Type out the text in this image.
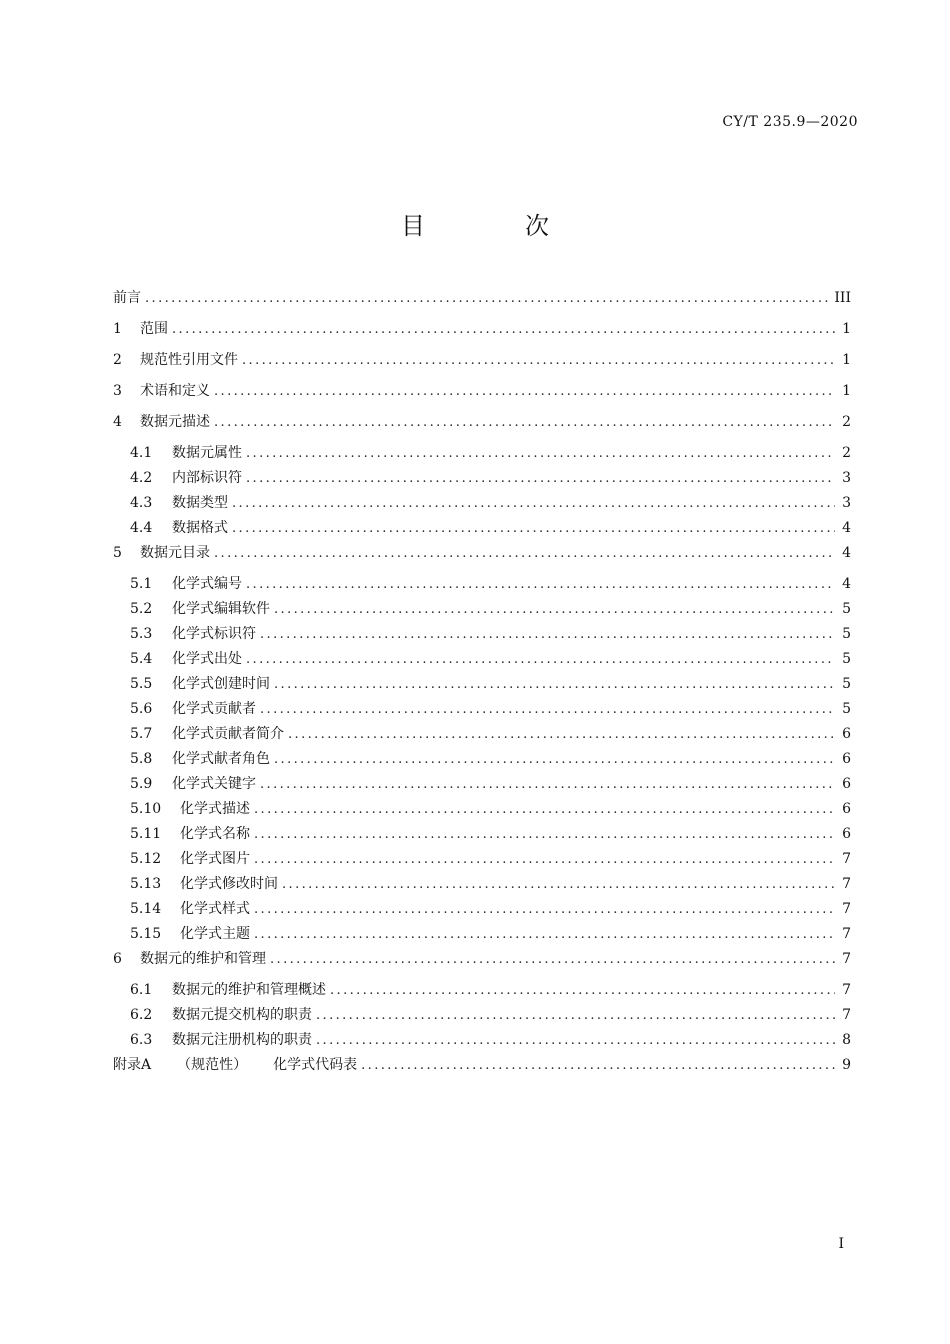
CY/T 235.9—2020
目　次
前言 .....	III
1	范围 .....	1
2	规范性引用文件 .....	1
3	术语和定义 .....	1
4	数据元描述 .....	2
4.1	数据元属性 .....	2
4.2	内部标识符 .....	3
4.3	数据类型 .....	3
4.4	数据格式 .....	4
5	数据元目录 .....	4
5.1	化学式编号 .....	4
5.2	化学式编辑软件 .....	5
5.3	化学式标识符 .....	5
5.4	化学式出处 .....	5
5.5	化学式创建时间 .....	5
5.6	化学式贡献者 .....	5
5.7	化学式贡献者简介 .....	6
5.8	化学式献者角色 .....	6
5.9	化学式关键字 .....	6
5.10	化学式描述 .....	6
5.11	化学式名称 .....	6
5.12	化学式图片 .....	7
5.13	化学式修改时间 .....	7
5.14	化学式样式 .....	7
5.15	化学式主题 .....	7
6	数据元的维护和管理 .....	7
6.1	数据元的维护和管理概述 .....	7
6.2	数据元提交机构的职责 .....	7
6.3	数据元注册机构的职责 .....	8
附录A （规范性） 化学式代码表 .....	9
I
